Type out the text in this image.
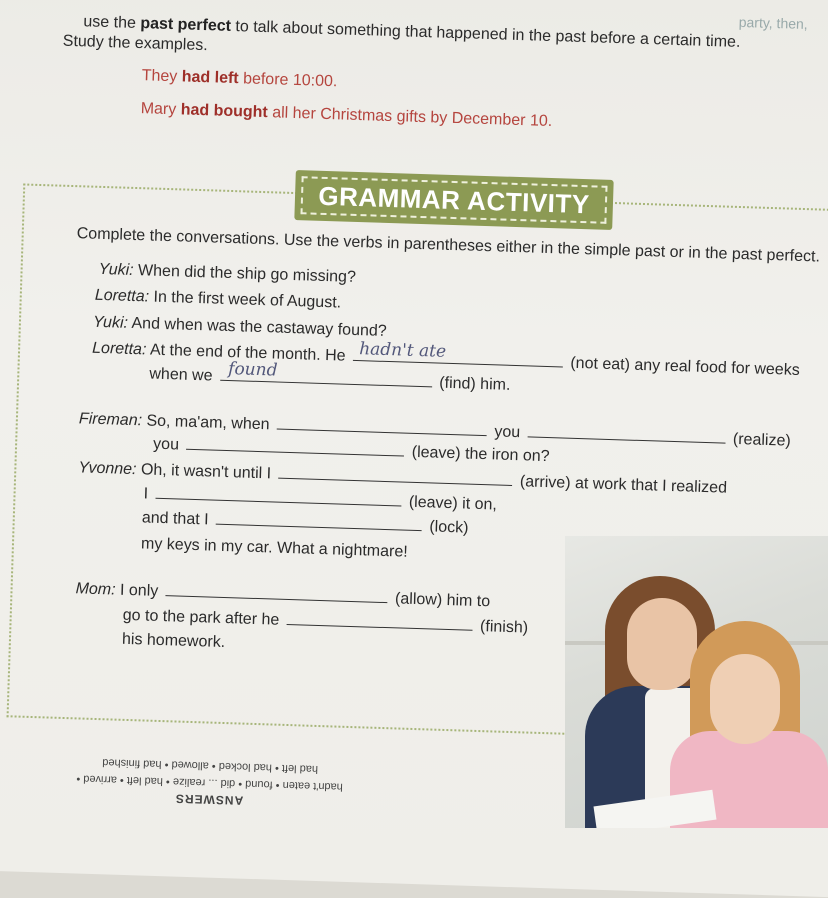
party, then,
use the past perfect to talk about something that happened in the past before a certain time.
Study the examples.
They had left before 10:00.
Mary had bought all her Christmas gifts by December 10.
GRAMMAR ACTIVITY
Complete the conversations. Use the verbs in parentheses either in the simple past or in the past perfect.
Yuki: When did the ship go missing?
Loretta: In the first week of August.
Yuki: And when was the castaway found?
Loretta: At the end of the month. He hadn't ate
(not eat) any real food for weeks
when we found
(find) him.
Fireman: So, ma'am, when	you	(realize)
you	(leave) the iron on?
Yvonne: Oh, it wasn't until I  (arrive) at work that I realized
I	(leave) it on,
and that I	(lock)
my keys in my car. What a nightmare!
Mom: I only	(allow) him to
go to the park after he	(finish)
his homework.
ANSWERS
hadn't eaten • found • did ... realize • had left • arrived •
had left • had locked • allowed • had finished
